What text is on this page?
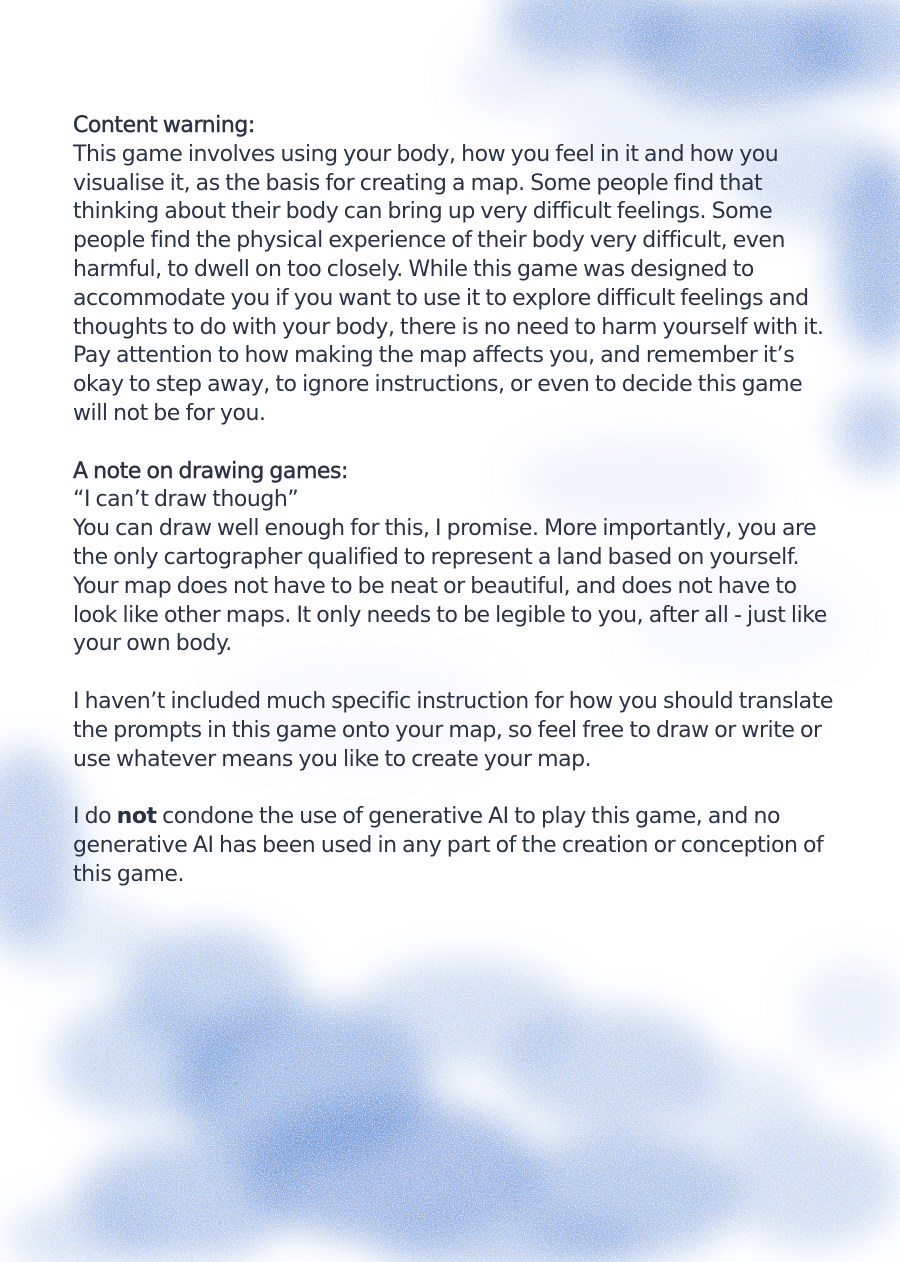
Content warning:

This game involves using your body, how you feel in it and how you visualise it, as the basis for creating a map. Some people find that thinking about their body can bring up very difficult feelings. Some people find the physical experience of their body very difficult, even harmful, to dwell on too closely. While this game was designed to accommodate you if you want to use it to explore difficult feelings and thoughts to do with your body, there is no need to harm yourself with it. Pay attention to how making the map affects you, and remember it’s okay to step away, to ignore instructions, or even to decide this game will not be for you.

A note on drawing games:

“I can’t draw though”

You can draw well enough for this, I promise. More importantly, you are the only cartographer qualified to represent a land based on yourself. Your map does not have to be neat or beautiful, and does not have to look like other maps. It only needs to be legible to you, after all - just like your own body.

I haven’t included much specific instruction for how you should translate the prompts in this game onto your map, so feel free to draw or write or use whatever means you like to create your map.

I do not condone the use of generative AI to play this game, and no generative AI has been used in any part of the creation or conception of this game.
